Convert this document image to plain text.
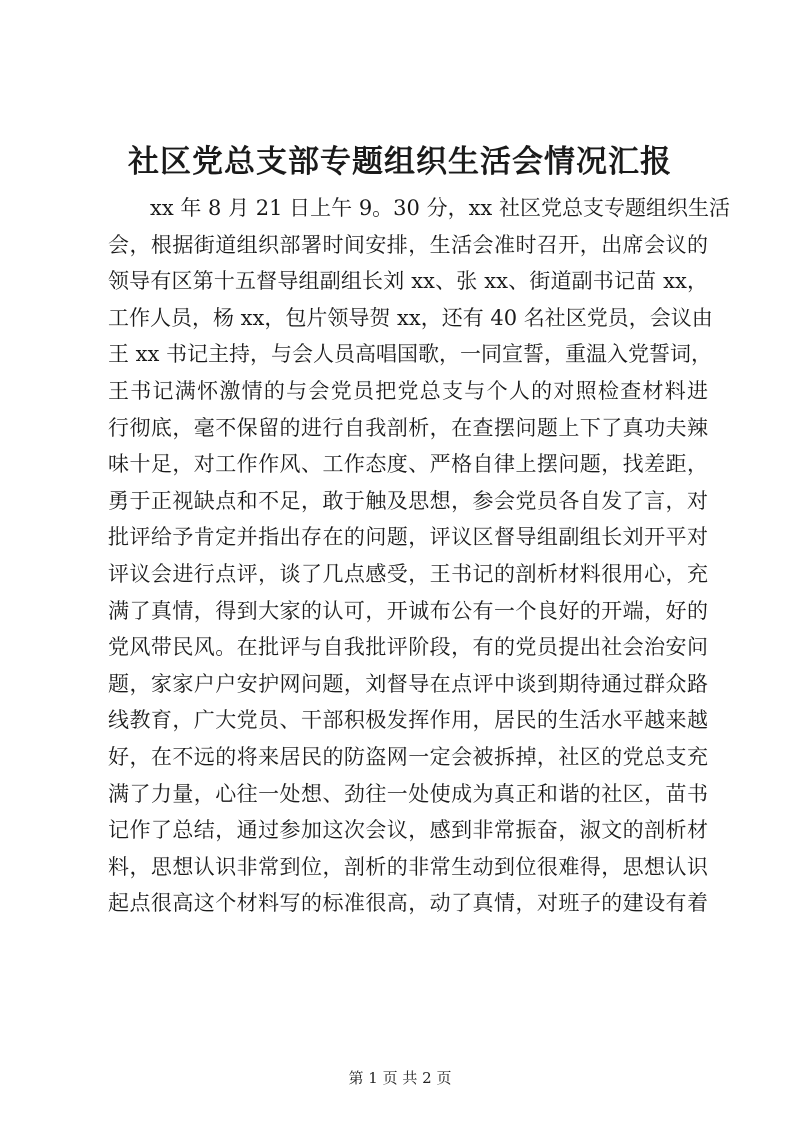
社区党总支部专题组织生活会情况汇报
xx 年 8 月 21 日上午 9。30 分，xx 社区党总支专题组织生活
会，根据街道组织部署时间安排，生活会准时召开，出席会议的
领导有区第十五督导组副组长刘 xx、张 xx、街道副书记苗 xx，
工作人员，杨 xx，包片领导贺 xx，还有 40 名社区党员，会议由
王 xx 书记主持，与会人员高唱国歌，一同宣誓，重温入党誓词，
王书记满怀激情的与会党员把党总支与个人的对照检查材料进
行彻底，毫不保留的进行自我剖析，在查摆问题上下了真功夫辣
味十足，对工作作风、工作态度、严格自律上摆问题，找差距，
勇于正视缺点和不足，敢于触及思想，参会党员各自发了言，对
批评给予肯定并指出存在的问题，评议区督导组副组长刘开平对
评议会进行点评，谈了几点感受，王书记的剖析材料很用心，充
满了真情，得到大家的认可，开诚布公有一个良好的开端，好的
党风带民风。在批评与自我批评阶段，有的党员提出社会治安问
题，家家户户安护网问题，刘督导在点评中谈到期待通过群众路
线教育，广大党员、干部积极发挥作用，居民的生活水平越来越
好，在不远的将来居民的防盗网一定会被拆掉，社区的党总支充
满了力量，心往一处想、劲往一处使成为真正和谐的社区，苗书
记作了总结，通过参加这次会议，感到非常振奋，淑文的剖析材
料，思想认识非常到位，剖析的非常生动到位很难得，思想认识
起点很高这个材料写的标准很高，动了真情，对班子的建设有着
第 1 页 共 2 页
